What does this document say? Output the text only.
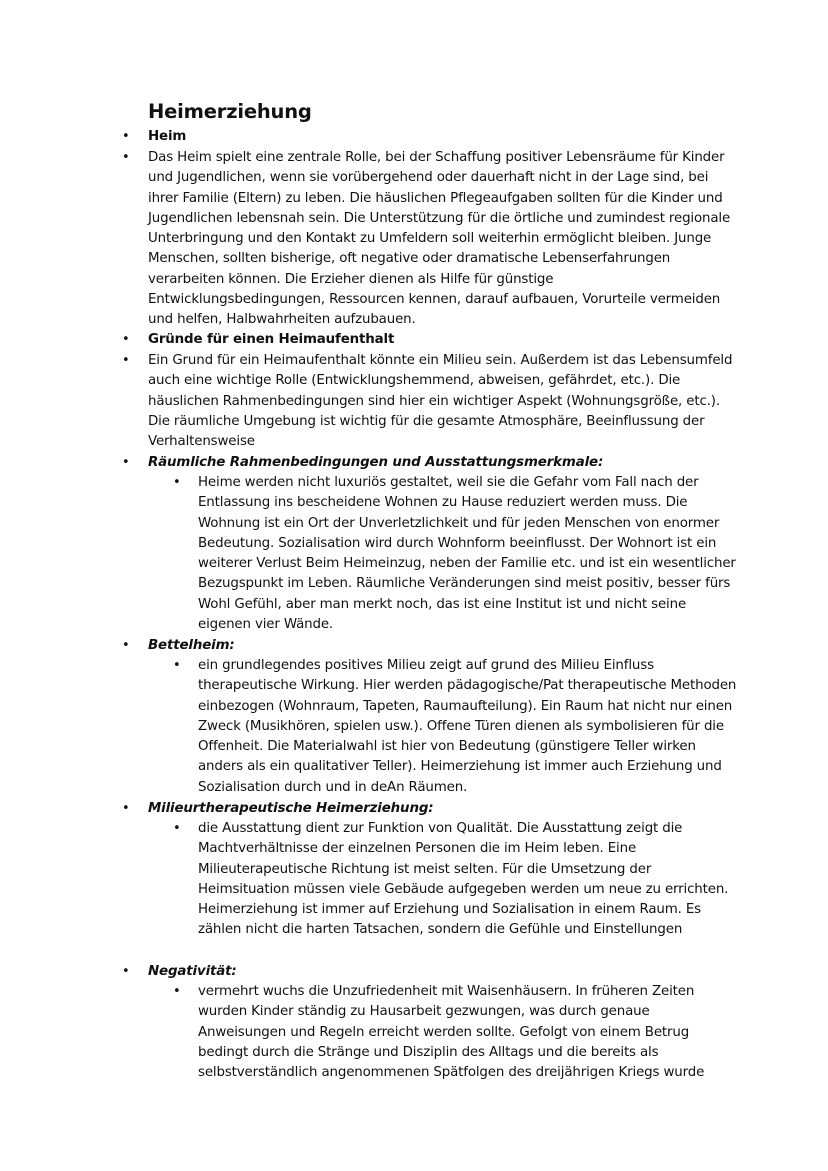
Heimerziehung
• Heim
• Das Heim spielt eine zentrale Rolle, bei der Schaffung positiver Lebensräume für Kinder und Jugendlichen, wenn sie vorübergehend oder dauerhaft nicht in der Lage sind, bei ihrer Familie (Eltern) zu leben. Die häuslichen Pflegeaufgaben sollten für die Kinder und Jugendlichen lebensnah sein. Die Unterstützung für die örtliche und zumindest regionale Unterbringung und den Kontakt zu Umfeldern soll weiterhin ermöglicht bleiben. Junge Menschen, sollten bisherige, oft negative oder dramatische Lebenserfahrungen verarbeiten können. Die Erzieher dienen als Hilfe für günstige Entwicklungsbedingungen, Ressourcen kennen, darauf aufbauen, Vorurteile vermeiden und helfen, Halbwahrheiten aufzubauen.
• Gründe für einen Heimaufenthalt
• Ein Grund für ein Heimaufenthalt könnte ein Milieu sein. Außerdem ist das Lebensumfeld auch eine wichtige Rolle (Entwicklungshemmend, abweisen, gefährdet, etc.). Die häuslichen Rahmenbedingungen sind hier ein wichtiger Aspekt (Wohnungsgröße, etc.). Die räumliche Umgebung ist wichtig für die gesamte Atmosphäre, Beeinflussung der Verhaltensweise
• Räumliche Rahmenbedingungen und Ausstattungsmerkmale:
• Heime werden nicht luxuriös gestaltet, weil sie die Gefahr vom Fall nach der Entlassung ins bescheidene Wohnen zu Hause reduziert werden muss. Die Wohnung ist ein Ort der Unverletzlichkeit und für jeden Menschen von enormer Bedeutung. Sozialisation wird durch Wohnform beeinflusst. Der Wohnort ist ein weiterer Verlust Beim Heimeinzug, neben der Familie etc. und ist ein wesentlicher Bezugspunkt im Leben. Räumliche Veränderungen sind meist positiv, besser fürs Wohl Gefühl, aber man merkt noch, das ist eine Institut ist und nicht seine eigenen vier Wände.
• Bettelheim:
• ein grundlegendes positives Milieu zeigt auf grund des Milieu Einfluss therapeutische Wirkung. Hier werden pädagogische/Pat therapeutische Methoden einbezogen (Wohnraum, Tapeten, Raumaufteilung). Ein Raum hat nicht nur einen Zweck (Musikhören, spielen usw.). Offene Türen dienen als symbolisieren für die Offenheit. Die Materialwahl ist hier von Bedeutung (günstigere Teller wirken anders als ein qualitativer Teller). Heimerziehung ist immer auch Erziehung und Sozialisation durch und in deAn Räumen.
• Milieurtherapeutische Heimerziehung:
• die Ausstattung dient zur Funktion von Qualität. Die Ausstattung zeigt die Machtverhältnisse der einzelnen Personen die im Heim leben. Eine Milieuterapeutische Richtung ist meist selten. Für die Umsetzung der Heimsituation müssen viele Gebäude aufgegeben werden um neue zu errichten. Heimerziehung ist immer auf Erziehung und Sozialisation in einem Raum. Es zählen nicht die harten Tatsachen, sondern die Gefühle und Einstellungen
• Negativität:
• vermehrt wuchs die Unzufriedenheit mit Waisenhäusern. In früheren Zeiten wurden Kinder ständig zu Hausarbeit gezwungen, was durch genaue Anweisungen und Regeln erreicht werden sollte. Gefolgt von einem Betrug bedingt durch die Stränge und Disziplin des Alltags und die bereits als selbstverständlich angenommenen Spätfolgen des dreijährigen Kriegs wurde
